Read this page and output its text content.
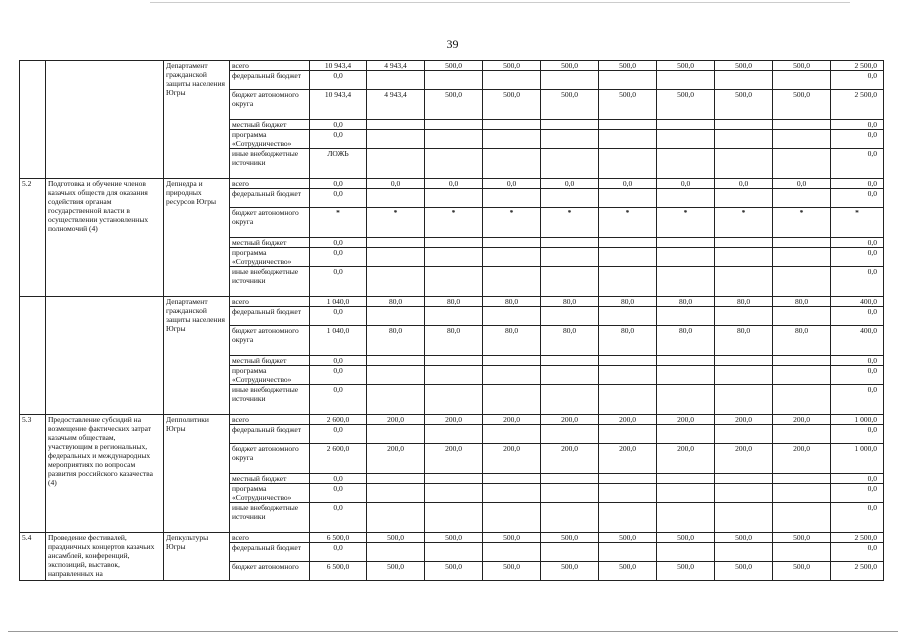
39
		Департамент гражданской защиты населения Югры	всего	10 943,4	4 943,4	500,0	500,0	500,0	500,0	500,0	500,0	500,0	2 500,0
			федеральный бюджет	0,0									0,0
			бюджет автономного округа	10 943,4	4 943,4	500,0	500,0	500,0	500,0	500,0	500,0	500,0	2 500,0
			местный бюджет	0,0									0,0
			программа «Сотрудничество»	0,0									0,0
			иные внебюджетные источники	ЛОЖЬ									0,0
5.2	Подготовка и обучение членов казачьих обществ для оказания содействия органам государственной власти в осуществлении установленных полномочий (4)	Депнедра и природных ресурсов Югры	всего	0,0	0,0	0,0	0,0	0,0	0,0	0,0	0,0	0,0	0,0
			федеральный бюджет	0,0									0,0
			бюджет автономного округа	*	*	*	*	*	*	*	*	*	*
			местный бюджет	0,0									0,0
			программа «Сотрудничество»	0,0									0,0
			иные внебюджетные источники	0,0									0,0
		Департамент гражданской защиты населения Югры	всего	1 040,0	80,0	80,0	80,0	80,0	80,0	80,0	80,0	80,0	400,0
			федеральный бюджет	0,0									0,0
			бюджет автономного округа	1 040,0	80,0	80,0	80,0	80,0	80,0	80,0	80,0	80,0	400,0
			местный бюджет	0,0									0,0
			программа «Сотрудничество»	0,0									0,0
			иные внебюджетные источники	0,0									0,0
5.3	Предоставление субсидий на возмещение фактических затрат казачьим обществам, участвующим в региональных, федеральных и международных мероприятиях по вопросам развития российского казачества (4)	Депполитики Югры	всего	2 600,0	200,0	200,0	200,0	200,0	200,0	200,0	200,0	200,0	1 000,0
			федеральный бюджет	0,0									0,0
			бюджет автономного округа	2 600,0	200,0	200,0	200,0	200,0	200,0	200,0	200,0	200,0	1 000,0
			местный бюджет	0,0									0,0
			программа «Сотрудничество»	0,0									0,0
			иные внебюджетные источники	0,0									0,0
5.4	Проведение фестивалей, праздничных концертов казачьих ансамблей, конференций, экспозиций, выставок, направленных на	Депкультуры Югры	всего	6 500,0	500,0	500,0	500,0	500,0	500,0	500,0	500,0	500,0	2 500,0
			федеральный бюджет	0,0									0,0
			бюджет автономного	6 500,0	500,0	500,0	500,0	500,0	500,0	500,0	500,0	500,0	2 500,0
